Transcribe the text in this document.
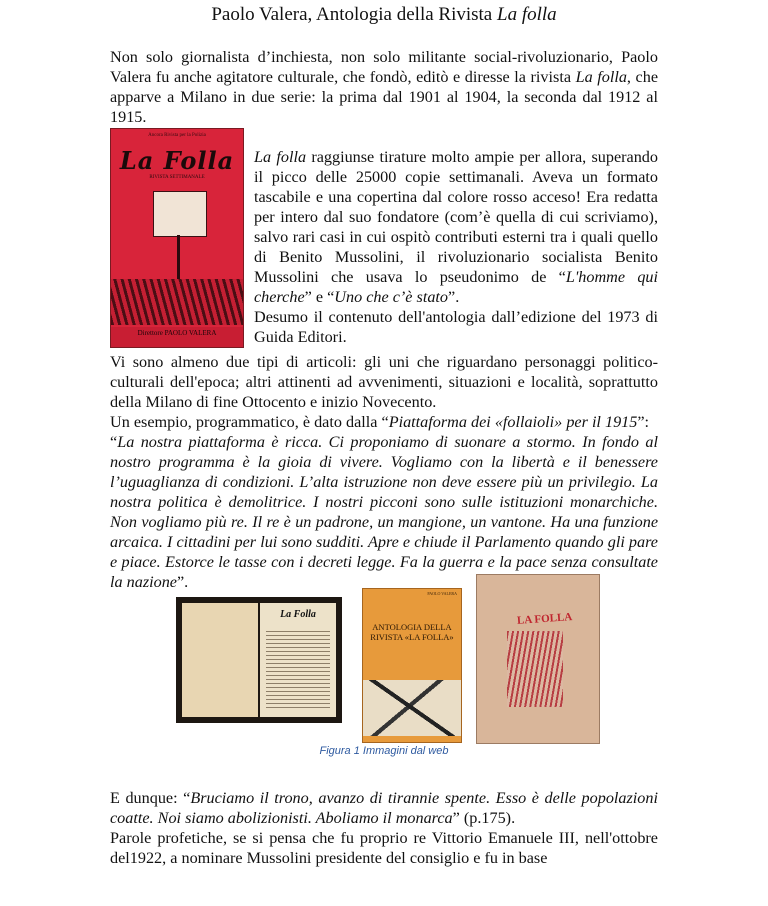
Paolo Valera, Antologia della Rivista La folla
Non solo giornalista d’inchiesta, non solo militante social-rivoluzionario, Paolo Valera fu anche agitatore culturale, che fondò, editò e diresse la rivista La folla, che apparve a Milano in due serie: la prima dal 1901 al 1904, la seconda dal 1912 al 1915.
Ancora Rivista per la Polizia
La Folla
RIVISTA SETTIMANALE
Direttore PAOLO VALERA
La folla raggiunse tirature molto ampie per allora, superando il picco delle 25000 copie settimanali. Aveva un formato tascabile e una copertina dal colore rosso acceso! Era redatta per intero dal suo fondatore (com’è quella di cui scriviamo), salvo rari casi in cui ospitò contributi esterni tra i quali quello di Benito Mussolini, il rivoluzionario socialista Benito Mussolini che usava lo pseudonimo de “L'homme qui cherche” e “Uno che c’è stato”.
Desumo il contenuto dell'antologia dall’edizione del 1973 di Guida Editori.
Vi sono almeno due tipi di articoli: gli uni che riguardano personaggi politico-culturali dell'epoca; altri attinenti ad avvenimenti, situazioni e località, soprattutto della Milano di fine Ottocento e inizio Novecento.
Un esempio, programmatico, è dato dalla “Piattaforma dei «follaioli» per il 1915”:
“La nostra piattaforma è ricca. Ci proponiamo di suonare a stormo. In fondo al nostro programma è la gioia di vivere. Vogliamo con la libertà e il benessere l’uguaglianza di condizioni. L’alta istruzione non deve essere più un privilegio. La nostra politica è demolitrice. I nostri picconi sono sulle istituzioni monarchiche. Non vogliamo più re. Il re è un padrone, un mangione, un vantone. Ha una funzione arcaica. I cittadini per lui sono sudditi. Apre e chiude il Parlamento quando gli pare e piace. Estorce le tasse con i decreti legge. Fa la guerra e la pace senza consultate la nazione”.
La Folla
PAOLO VALERA
ANTOLOGIA DELLA RIVISTA «LA FOLLA»
LA FOLLA
Figura 1 Immagini dal web
E dunque: “Bruciamo il trono, avanzo di tirannie spente. Esso è delle popolazioni coatte. Noi siamo abolizionisti. Aboliamo il monarca” (p.175).
Parole profetiche, se si pensa che fu proprio re Vittorio Emanuele III, nell'ottobre del1922, a nominare Mussolini presidente del consiglio e fu in base
